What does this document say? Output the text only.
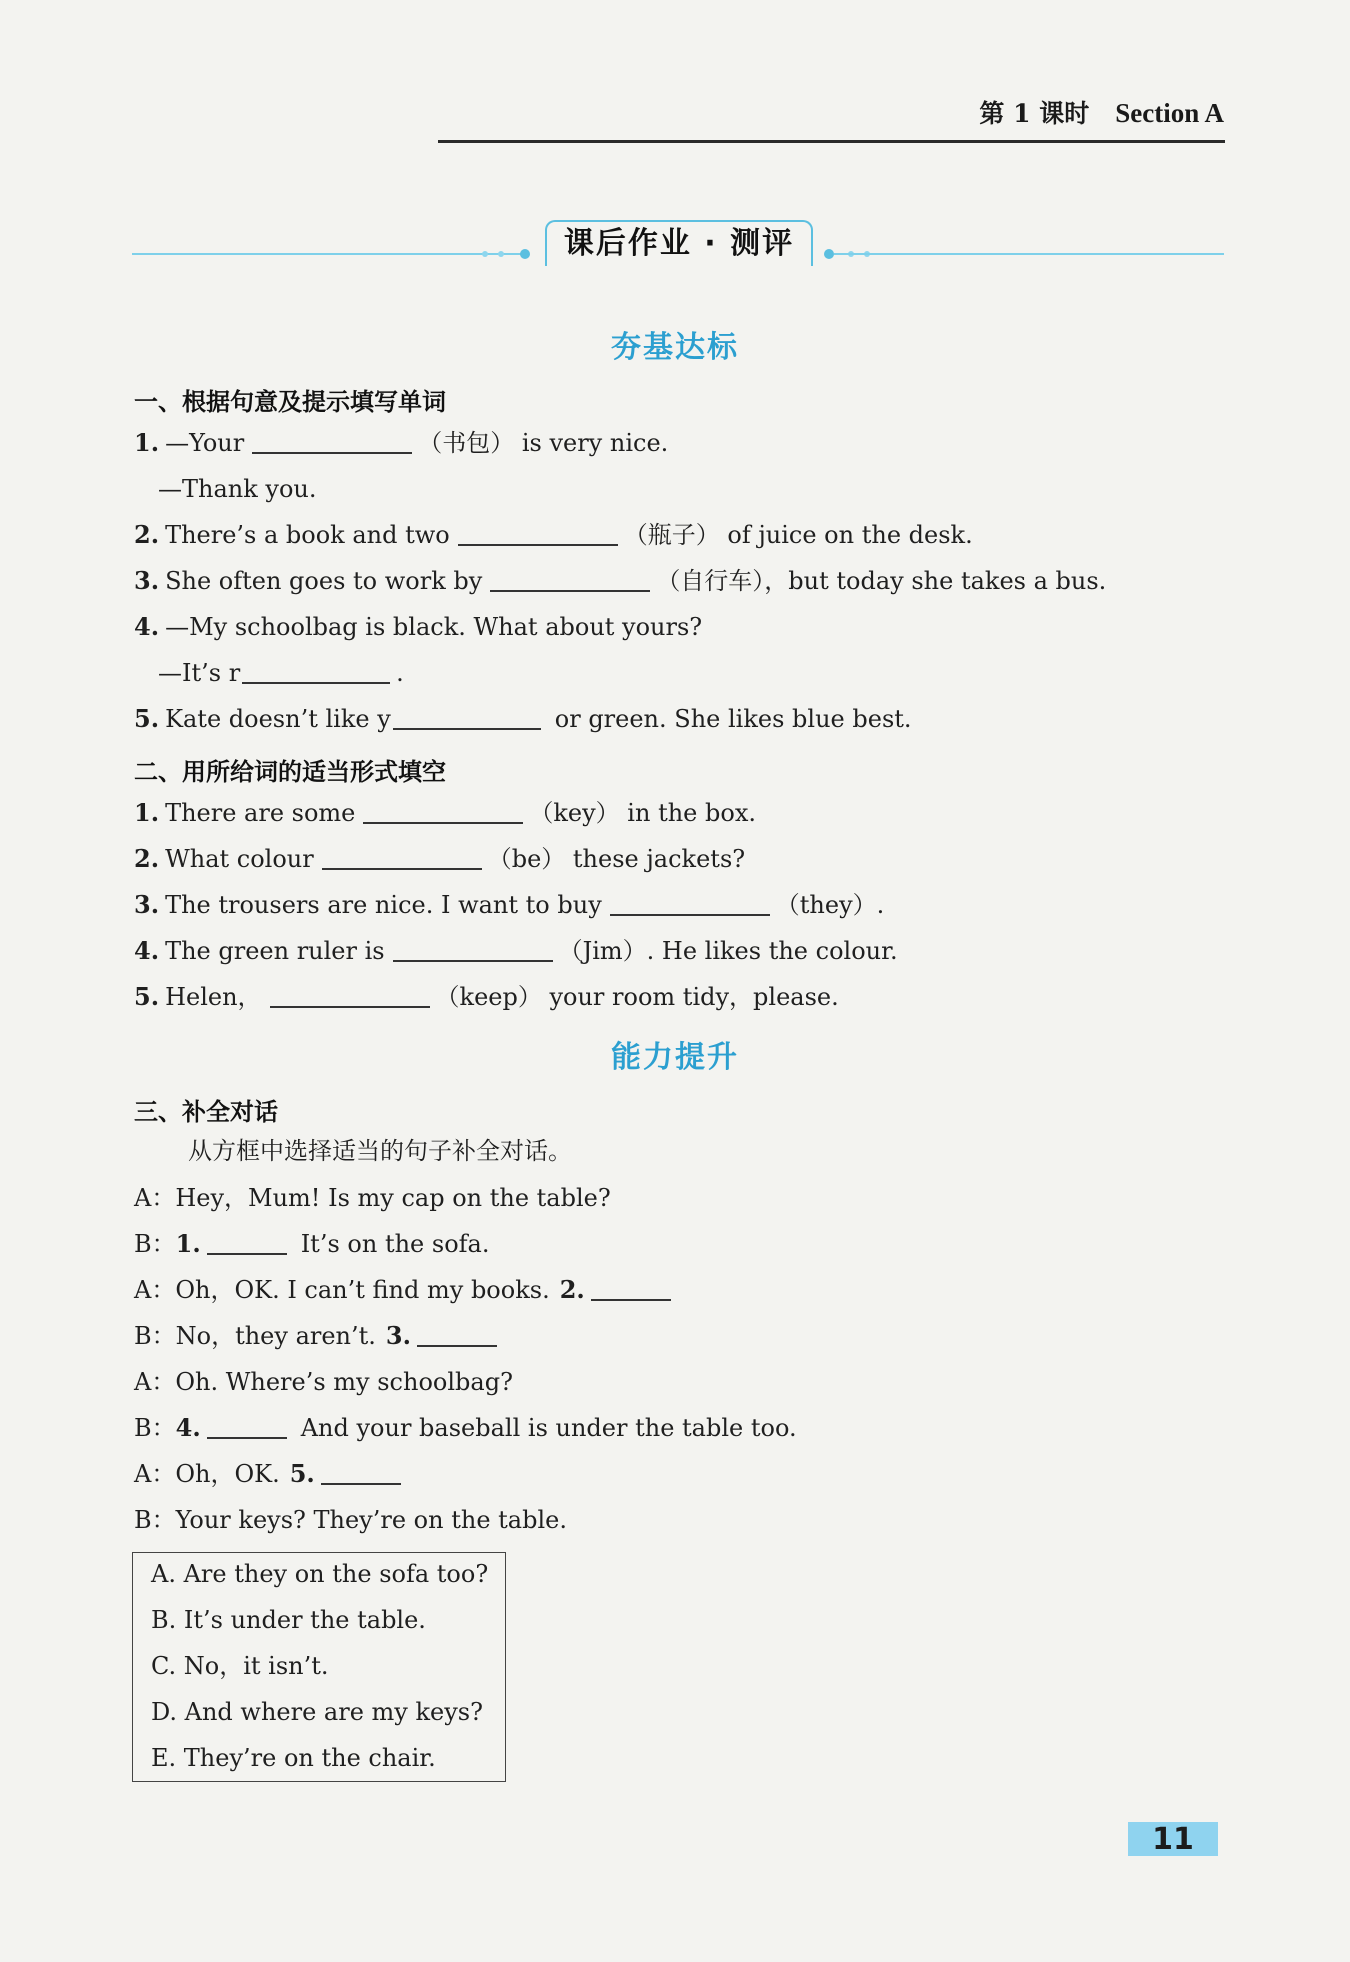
第 1 课时 Section A
课后作业 · 测评
夯基达标
一、根据句意及提示填写单词
1. —Your	（书包） is very nice.
—Thank you.
2. There’s a book and two	（瓶子） of juice on the desk.
3. She often goes to work by	（自行车），but today she takes a bus.
4. —My schoolbag is black. What about yours?
—It’s r	.
5. Kate doesn’t like y	or green. She likes blue best.
二、用所给词的适当形式填空
1. There are some	（key） in the box.
2. What colour	（be） these jackets?
3. The trousers are nice. I want to buy	（they）.
4. The green ruler is	（Jim）. He likes the colour.
5. Helen，	（keep） your room tidy，please.
能力提升
三、补全对话
从方框中选择适当的句子补全对话。
A：Hey，Mum! Is my cap on the table?
B：1.	It’s on the sofa.
A：Oh，OK. I can’t find my books. 2.
B：No，they aren’t. 3.
A：Oh. Where’s my schoolbag?
B：4.	And your baseball is under the table too.
A：Oh，OK. 5.
B：Your keys? They’re on the table.
A. Are they on the sofa too?
B. It’s under the table.
C. No，it isn’t.
D. And where are my keys?
E. They’re on the chair.
11
